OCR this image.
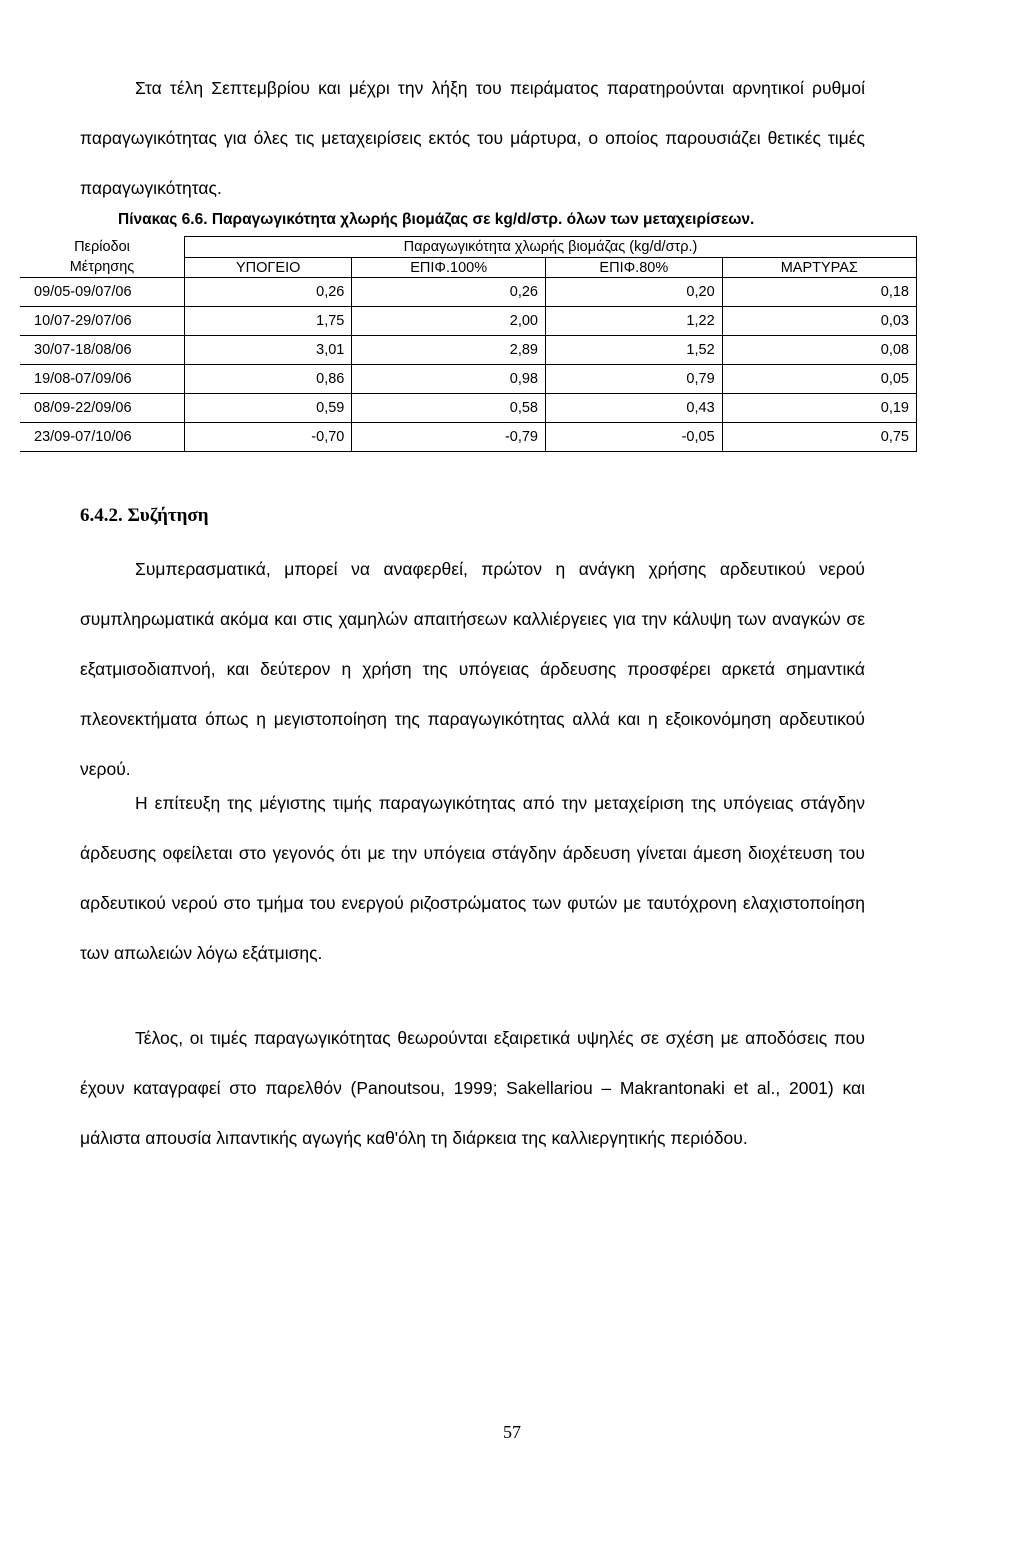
Στα τέλη Σεπτεμβρίου και μέχρι την λήξη του πειράματος παρατηρούνται αρνητικοί ρυθμοί παραγωγικότητας για όλες τις μεταχειρίσεις εκτός του μάρτυρα, ο οποίος παρουσιάζει θετικές τιμές παραγωγικότητας.

Πίνακας 6.6. Παραγωγικότητα χλωρής βιομάζας σε kg/d/στρ. όλων των μεταχειρίσεων.

Περίοδοι	Παραγωγικότητα χλωρής βιομάζας (kg/d/στρ.)			
Μέτρησης	ΥΠΟΓΕΙΟ	ΕΠΙΦ.100%	ΕΠΙΦ.80%	ΜΑΡΤΥΡΑΣ
09/05-09/07/06	0,26	0,26	0,20	0,18
10/07-29/07/06	1,75	2,00	1,22	0,03
30/07-18/08/06	3,01	2,89	1,52	0,08
19/08-07/09/06	0,86	0,98	0,79	0,05
08/09-22/09/06	0,59	0,58	0,43	0,19
23/09-07/10/06	-0,70	-0,79	-0,05	0,75
6.4.2. Συζήτηση

Συμπερασματικά, μπορεί να αναφερθεί, πρώτον η ανάγκη χρήσης αρδευτικού νερού συμπληρωματικά ακόμα και στις χαμηλών απαιτήσεων καλλιέργειες για την κάλυψη των αναγκών σε εξατμισοδιαπνοή, και δεύτερον η χρήση της υπόγειας άρδευσης προσφέρει αρκετά σημαντικά πλεονεκτήματα όπως η μεγιστοποίηση της παραγωγικότητας αλλά και η εξοικονόμηση αρδευτικού νερού.

Η επίτευξη της μέγιστης τιμής παραγωγικότητας από την μεταχείριση της υπόγειας στάγδην άρδευσης οφείλεται στο γεγονός ότι με την υπόγεια στάγδην άρδευση γίνεται άμεση διοχέτευση του αρδευτικού νερού στο τμήμα του ενεργού ριζοστρώματος των φυτών με ταυτόχρονη ελαχιστοποίηση των απωλειών λόγω εξάτμισης.

Τέλος, οι τιμές παραγωγικότητας θεωρούνται εξαιρετικά υψηλές σε σχέση με αποδόσεις που έχουν καταγραφεί στο παρελθόν (Panoutsou, 1999; Sakellariou – Makrantonaki et al., 2001) και μάλιστα απουσία λιπαντικής αγωγής καθ'όλη τη διάρκεια της καλλιεργητικής περιόδου.

57
